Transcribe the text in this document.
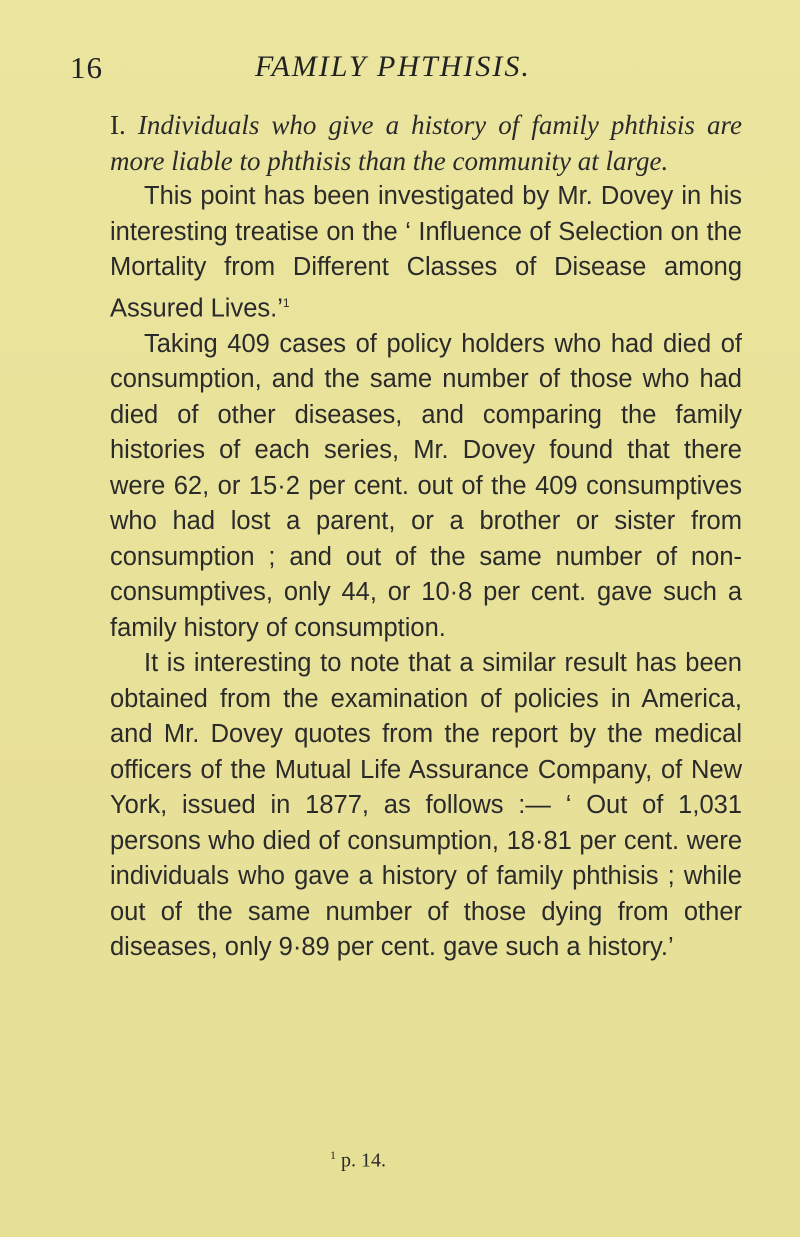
16	FAMILY PHTHISIS.

I. Individuals who give a history of family phthisis are more liable to phthisis than the community at large.

This point has been investigated by Mr. Dovey in his interesting treatise on the ‘ Influence of Selection on the Mortality from Different Classes of Disease among Assured Lives.’$^1$

Taking 409 cases of policy holders who had died of consumption, and the same number of those who had died of other diseases, and comparing the family histories of each series, Mr. Dovey found that there were 62, or 15·2 per cent. out of the 409 consumptives who had lost a parent, or a brother or sister from consumption ; and out of the same number of non-consumptives, only 44, or 10·8 per cent. gave such a family history of consumption.

It is interesting to note that a similar result has been obtained from the examination of policies in America, and Mr. Dovey quotes from the report by the medical officers of the Mutual Life Assurance Company, of New York, issued in 1877, as follows :— ‘ Out of 1,031 persons who died of consumption, 18·81 per cent. were individuals who gave a history of family phthisis ; while out of the same number of those dying from other diseases, only 9·89 per cent. gave such a history.’

$^1$ p. 14.
